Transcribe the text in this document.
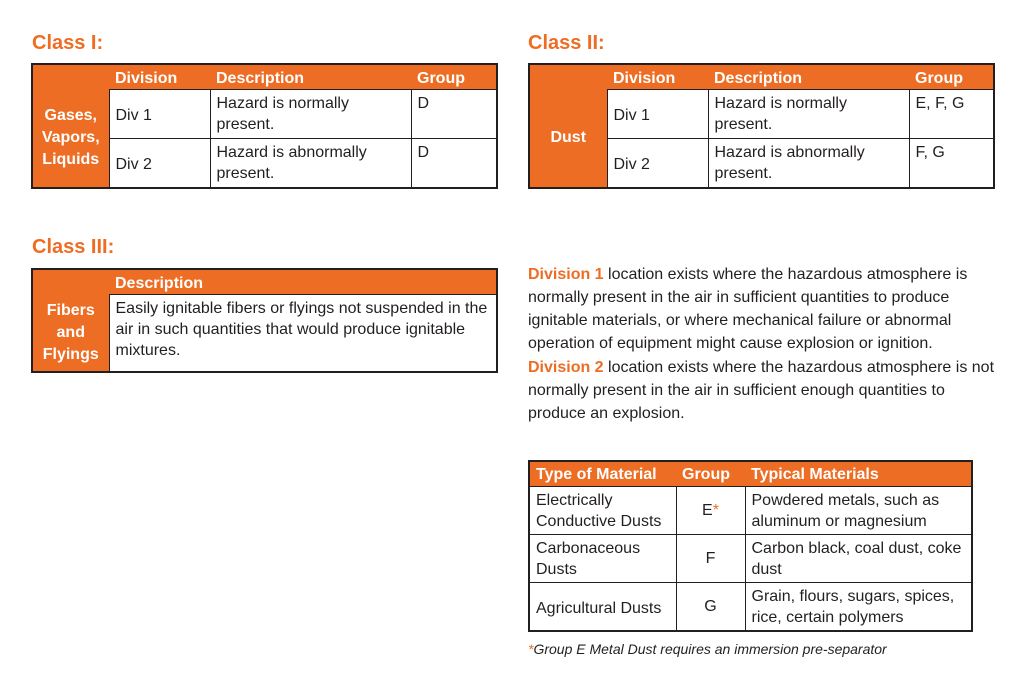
Class I:
	Division	Description	Group
Gases, Vapors, Liquids	Div 1	Hazard is normally present.	D
	Div 2	Hazard is abnormally present.	D
Class II:
	Division	Description	Group
Dust	Div 1	Hazard is normally present.	E, F, G
	Div 2	Hazard is abnormally present.	F, G
Class III:
	Description
Fibers and Flyings	Easily ignitable fibers or flyings not suspended in the air in such quantities that would produce ignitable mixtures.

Division 1 location exists where the hazardous atmosphere is normally present in the air in sufficient quantities to produce ignitable materials, or where mechanical failure or abnormal operation of equipment might cause explosion or ignition.

Division 2 location exists where the hazardous atmosphere is not normally present in the air in sufficient enough quantities to produce an explosion.

Type of Material	Group	Typical Materials
Electrically Conductive Dusts	E*	Powdered metals, such as aluminum or magnesium
Carbonaceous Dusts	F	Carbon black, coal dust, coke dust
Agricultural Dusts	G	Grain, flours, sugars, spices, rice, certain polymers

*Group E Metal Dust requires an immersion pre-separator
